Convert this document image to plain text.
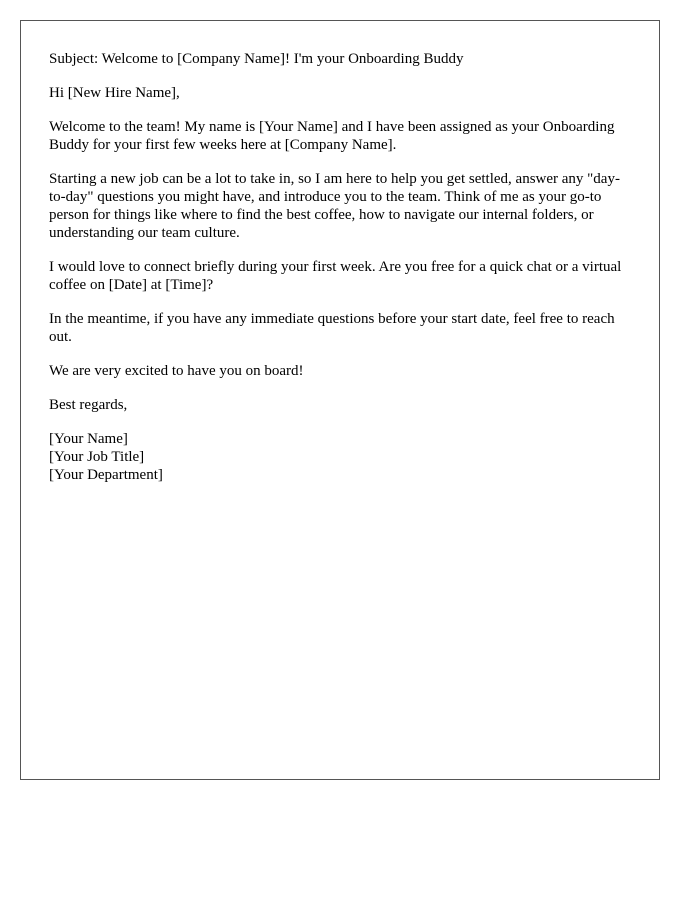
Subject: Welcome to [Company Name]! I'm your Onboarding Buddy

Hi [New Hire Name],

Welcome to the team! My name is [Your Name] and I have been assigned as your Onboarding Buddy for your first few weeks here at [Company Name].

Starting a new job can be a lot to take in, so I am here to help you get settled, answer any "day-to-day" questions you might have, and introduce you to the team. Think of me as your go-to person for things like where to find the best coffee, how to navigate our internal folders, or understanding our team culture.

I would love to connect briefly during your first week. Are you free for a quick chat or a virtual coffee on [Date] at [Time]?

In the meantime, if you have any immediate questions before your start date, feel free to reach out.

We are very excited to have you on board!

Best regards,

[Your Name]
[Your Job Title]
[Your Department]
